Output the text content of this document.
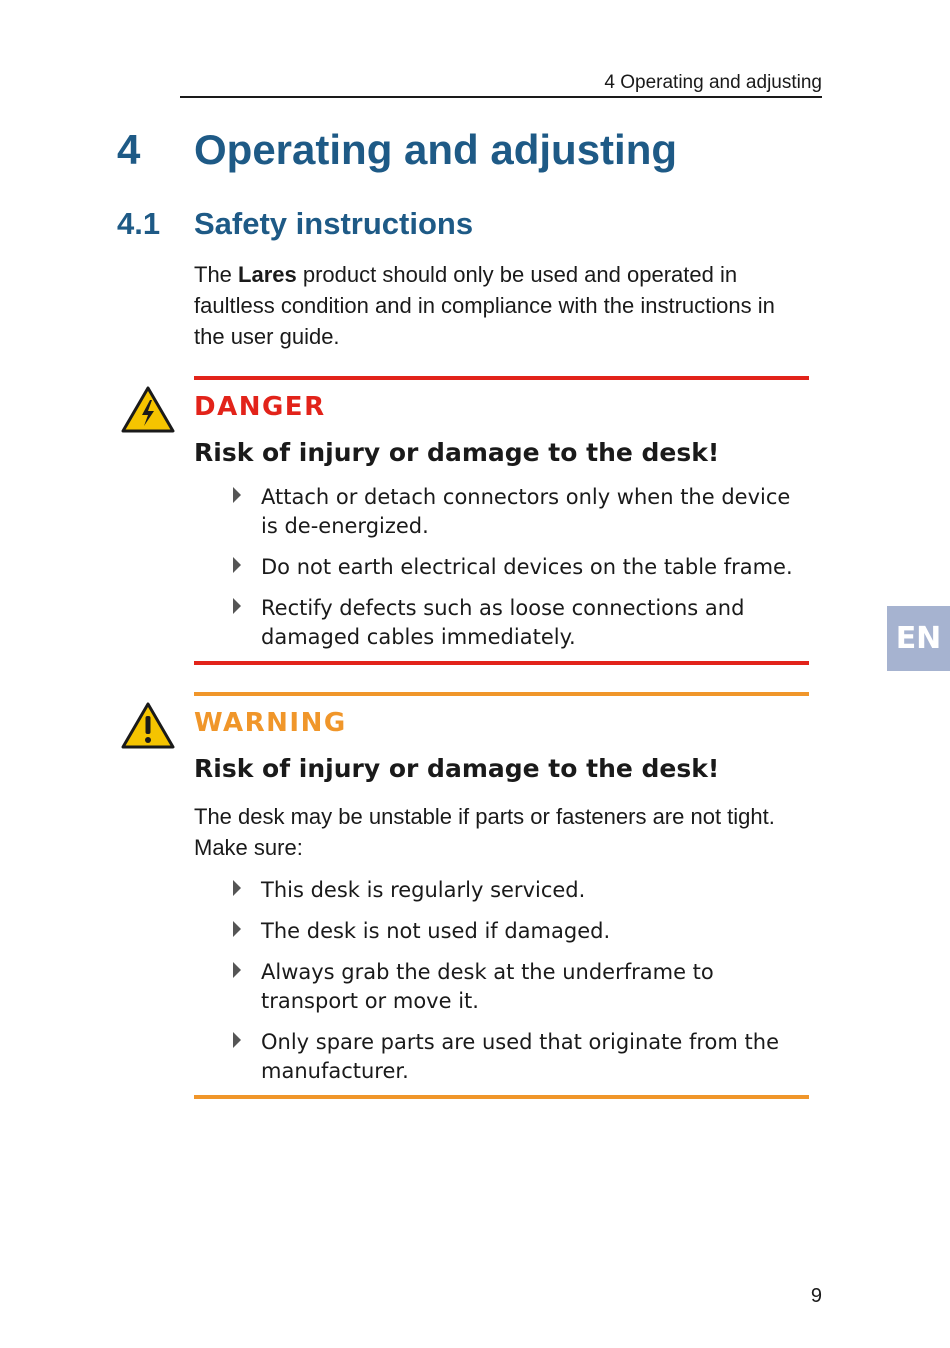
4 Operating and adjusting
4 Operating and adjusting
4.1 Safety instructions
The Lares product should only be used and operated in faultless condition and in compliance with the instructions in the user guide.
DANGER
Risk of injury or damage to the desk!
Attach or detach connectors only when the device is de-energized.
Do not earth electrical devices on the table frame.
Rectify defects such as loose connections and damaged cables immediately.
WARNING
Risk of injury or damage to the desk!
The desk may be unstable if parts or fasteners are not tight. Make sure:
This desk is regularly serviced.
The desk is not used if damaged.
Always grab the desk at the underframe to transport or move it.
Only spare parts are used that originate from the manufacturer.
EN
9
